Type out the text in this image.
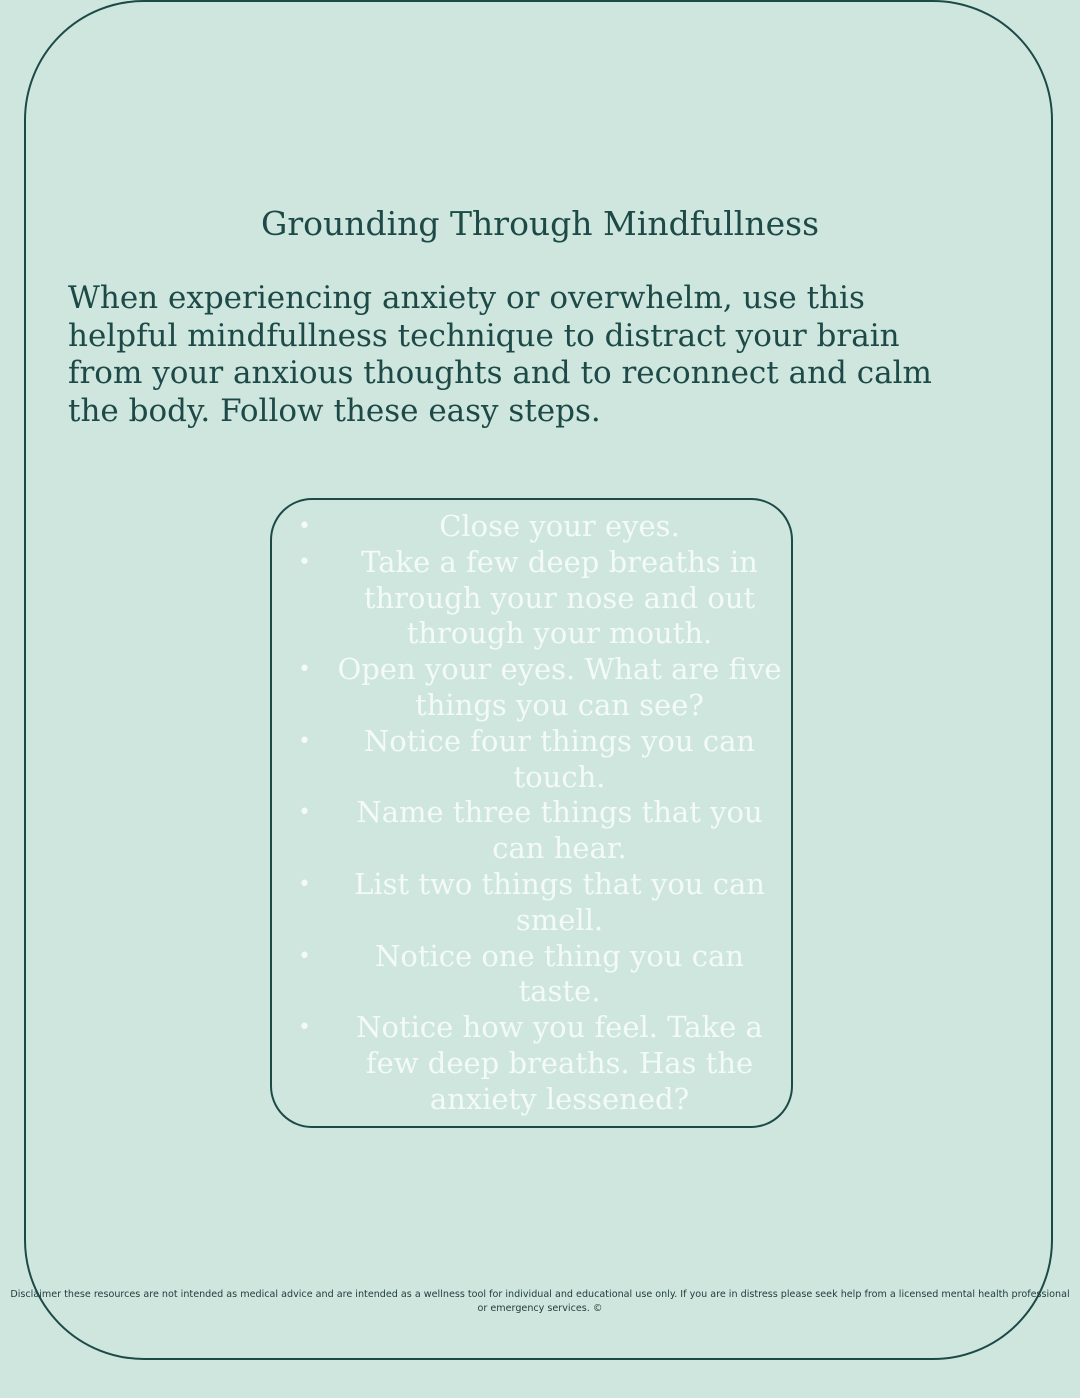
Grounding Through Mindfullness
When experiencing anxiety or overwhelm, use this helpful mindfullness technique to distract your brain from your anxious thoughts and to reconnect and calm the body. Follow these easy steps.
•	Close your eyes.
• Take a few deep breaths in through your nose and out through your mouth.
• Open your eyes. What are five things you can see?
• Notice four things you can touch.
• Name three things that you can hear.
• List two things that you can smell.
• Notice one thing you can taste.
• Notice how you feel. Take a few deep breaths. Has the anxiety lessened?
Disclaimer these resources are not intended as medical advice and are intended as a wellness tool for individual and educational use only. If you are in distress please seek help from a licensed mental health professional or emergency services. ©
